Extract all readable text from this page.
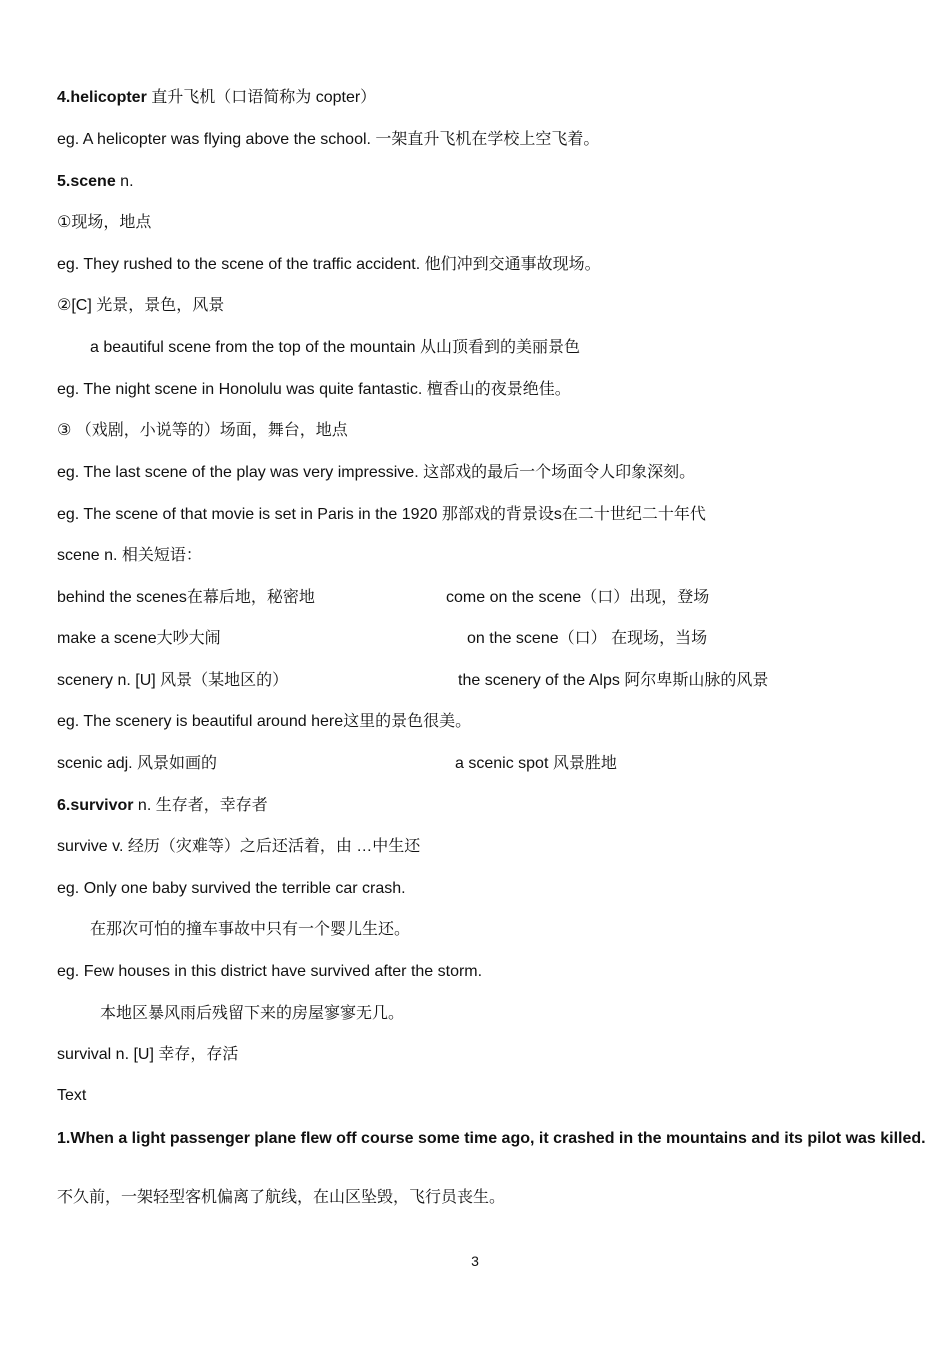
4.helicopter 直升飞机（口语简称为 copter）
eg. A helicopter was flying above the school. 一架直升飞机在学校上空飞着。
5.scene n.
①现场，地点
eg. They rushed to the scene of the traffic accident. 他们冲到交通事故现场。
②[C] 光景，景色，风景
a beautiful scene from the top of the mountain 从山顶看到的美丽景色
eg. The night scene in Honolulu was quite fantastic. 檀香山的夜景绝佳。
③ （戏剧，小说等的）场面，舞台，地点
eg. The last scene of the play was very impressive. 这部戏的最后一个场面令人印象深刻。
eg. The scene of that movie is set in Paris in the 1920 那部戏的背景设s在二十世纪二十年代
scene n. 相关短语：
behind the scenes在幕后地，秘密地	come on the scene（口）出现，登场
make a scene大吵大闹	on the scene（口） 在现场，当场
scenery n. [U] 风景（某地区的）	the scenery of the Alps 阿尔卑斯山脉的风景
eg. The scenery is beautiful around here这里的景色很美。
scenic adj. 风景如画的	a scenic spot 风景胜地
6.survivor n. 生存者，幸存者
survive v. 经历（灾难等）之后还活着，由 …中生还
eg. Only one baby survived the terrible car crash.
在那次可怕的撞车事故中只有一个婴儿生还。
eg. Few houses in this district have survived after the storm.
本地区暴风雨后残留下来的房屋寥寥无几。
survival n. [U] 幸存，存活
Text
1.When a light passenger plane flew off course some time ago, it crashed in the mountains and its pilot was killed.
不久前，一架轻型客机偏离了航线，在山区坠毁，飞行员丧生。
3
